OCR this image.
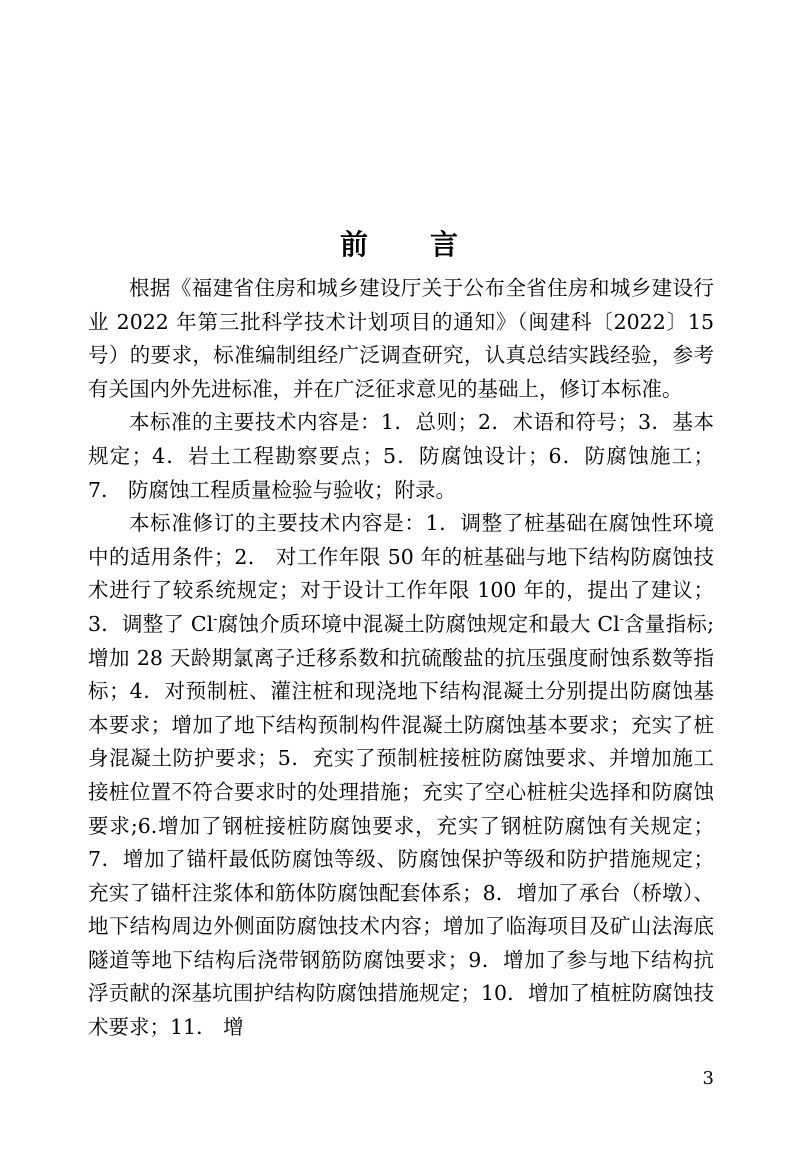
前　　言

根据《福建省住房和城乡建设厅关于公布全省住房和城乡建设行业 2022 年第三批科学技术计划项目的通知》（闽建科〔2022〕15 号）的要求，标准编制组经广泛调查研究，认真总结实践经验，参考有关国内外先进标准，并在广泛征求意见的基础上，修订本标准。

本标准的主要技术内容是：1．总则；2．术语和符号；3．基本规定；4．岩土工程勘察要点；5．防腐蚀设计；6．防腐蚀施工；7． 防腐蚀工程质量检验与验收；附录。

本标准修订的主要技术内容是：1．调整了桩基础在腐蚀性环境中的适用条件；2． 对工作年限 50 年的桩基础与地下结构防腐蚀技术进行了较系统规定；对于设计工作年限 100 年的，提出了建议；3．调整了 Cl-腐蚀介质环境中混凝土防腐蚀规定和最大 Cl-含量指标;增加 28 天龄期氯离子迁移系数和抗硫酸盐的抗压强度耐蚀系数等指标；4．对预制桩、灌注桩和现浇地下结构混凝土分别提出防腐蚀基本要求；增加了地下结构预制构件混凝土防腐蚀基本要求；充实了桩身混凝土防护要求；5．充实了预制桩接桩防腐蚀要求、并增加施工接桩位置不符合要求时的处理措施；充实了空心桩桩尖选择和防腐蚀要求;6.增加了钢桩接桩防腐蚀要求，充实了钢桩防腐蚀有关规定；7．增加了锚杆最低防腐蚀等级、防腐蚀保护等级和防护措施规定；充实了锚杆注浆体和筋体防腐蚀配套体系；8．增加了承台（桥墩）、地下结构周边外侧面防腐蚀技术内容；增加了临海项目及矿山法海底隧道等地下结构后浇带钢筋防腐蚀要求；9．增加了参与地下结构抗浮贡献的深基坑围护结构防腐蚀措施规定；10．增加了植桩防腐蚀技术要求；11． 增

3
